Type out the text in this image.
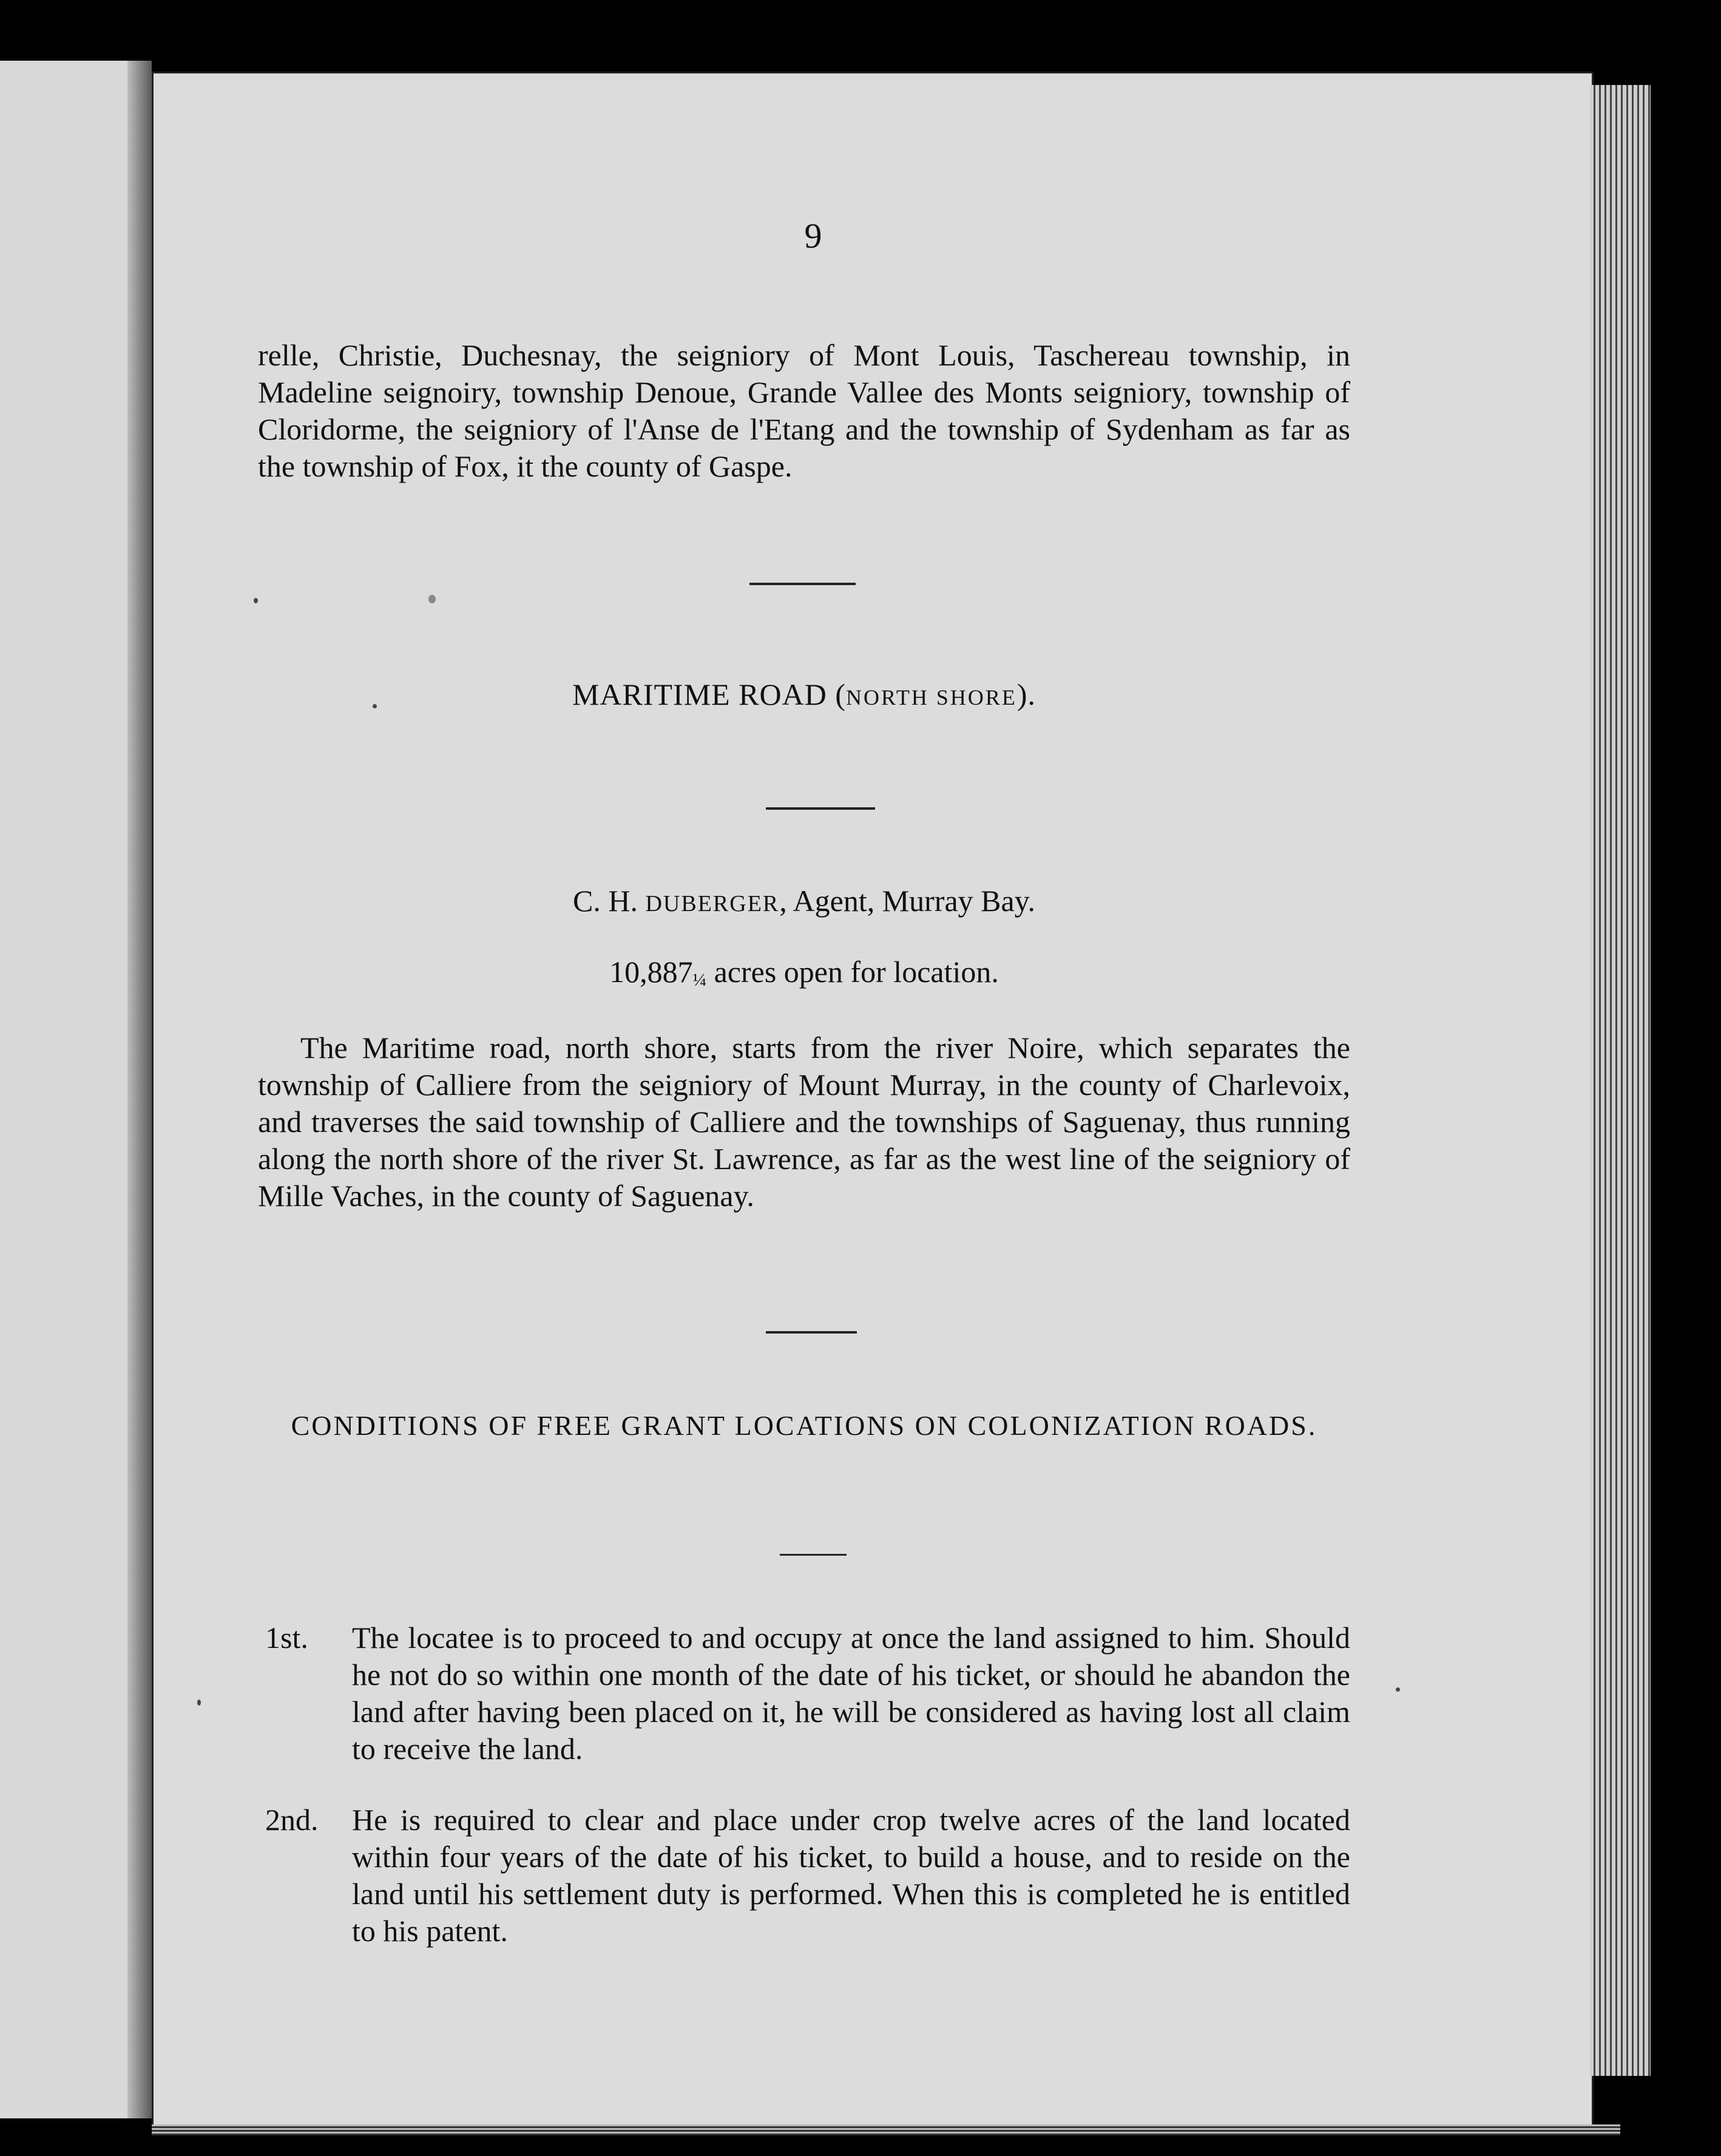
9
relle, Christie, Duchesnay, the seigniory of Mont Louis, Taschereau township, in Madeline seignoiry, township Denoue, Grande Vallee des Monts seigniory, township of Cloridorme, the seigniory of l'Anse de l'Etang and the township of Sydenham as far as the township of Fox, it the county of Gaspe.
MARITIME ROAD (NORTH SHORE).
C. H. DUBERGER, Agent, Murray Bay.
10,887¼ acres open for location.
The Maritime road, north shore, starts from the river Noire, which separates the township of Calliere from the seigniory of Mount Murray, in the county of Charlevoix, and traverses the said township of Calliere and the townships of Saguenay, thus running along the north shore of the river St. Lawrence, as far as the west line of the seigniory of Mille Vaches, in the county of Saguenay.
CONDITIONS OF FREE GRANT LOCATIONS ON COLONIZATION ROADS.
1st.	The locatee is to proceed to and occupy at once the land assigned to him. Should he not do so within one month of the date of his ticket, or should he abandon the land after having been placed on it, he will be considered as having lost all claim to receive the land.
2nd.	He is required to clear and place under crop twelve acres of the land located within four years of the date of his ticket, to build a house, and to reside on the land until his settlement duty is performed. When this is completed he is entitled to his patent.
